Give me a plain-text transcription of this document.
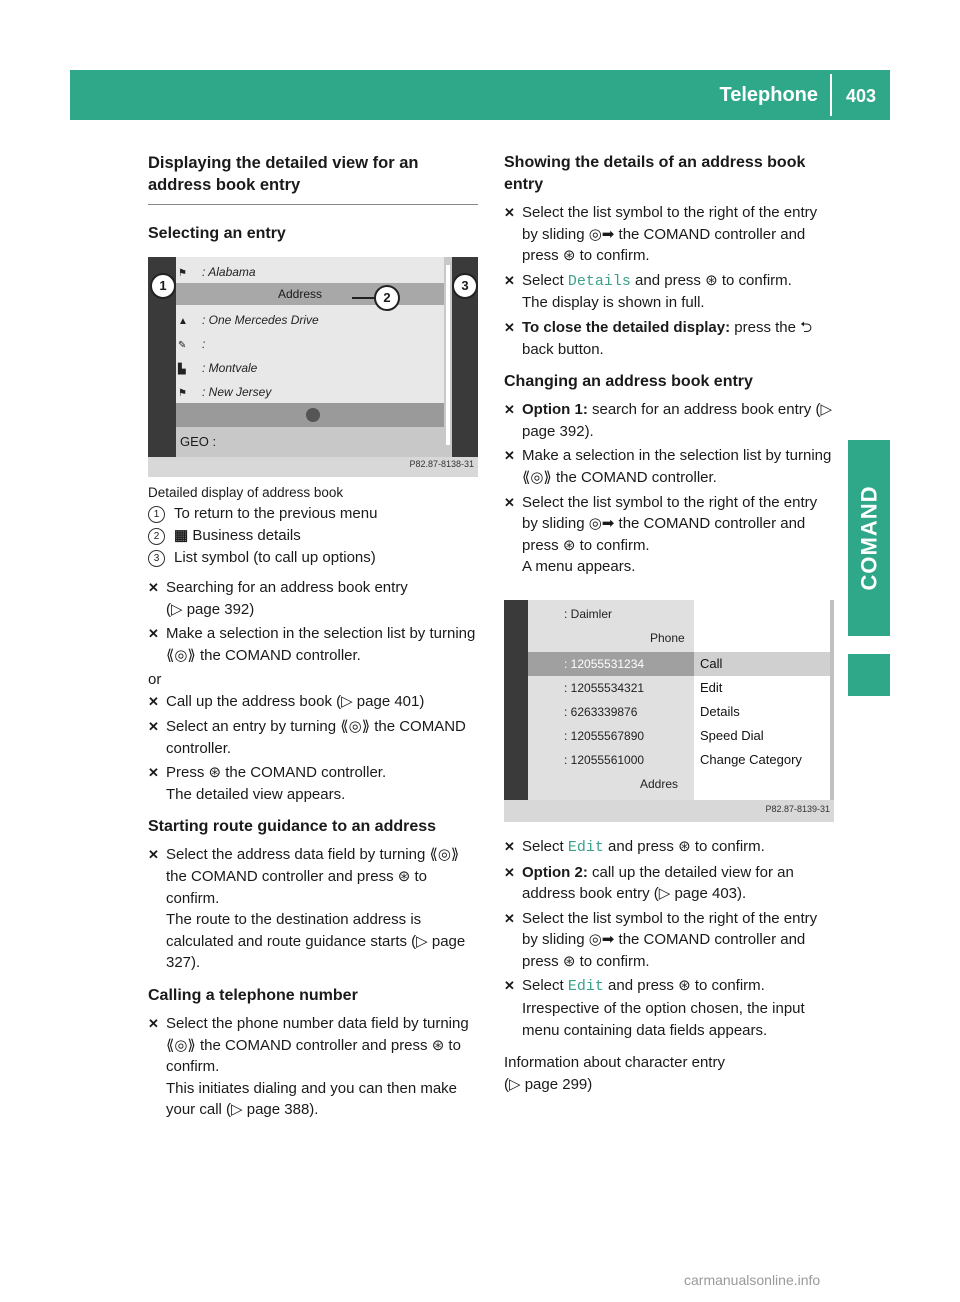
Telephone	403
COMAND
Displaying the detailed view for an address book entry
Selecting an entry
⚑ : Alabama
Address
▲ : One Mercedes Drive
✎ :
▙ : Montvale
⚑ : New Jersey
GEO :
P82.87-8138-31
1
2
3
Detailed display of address book
1 To return to the previous menu
2 ▦ Business details
3 List symbol (to call up options)
✕ Searching for an address book entry
(▷ page 392)
✕ Make a selection in the selection list by turning ⟪◎⟫ the COMAND controller.

or

✕ Call up the address book (▷ page 401)
✕ Select an entry by turning ⟪◎⟫ the COMAND controller.
✕ Press ⊛ the COMAND controller.
The detailed view appears.
Starting route guidance to an address
✕ Select the address data field by turning ⟪◎⟫ the COMAND controller and press ⊛ to confirm.
The route to the destination address is calculated and route guidance starts (▷ page 327).
Calling a telephone number
✕ Select the phone number data field by turning ⟪◎⟫ the COMAND controller and press ⊛ to confirm.
This initiates dialing and you can then make your call (▷ page 388).
Showing the details of an address book entry
✕ Select the list symbol to the right of the entry by sliding ◎➡ the COMAND controller and press ⊛ to confirm.
✕ Select Details and press ⊛ to confirm.
The display is shown in full.
✕ To close the detailed display: press the ⮌ back button.
Changing an address book entry
✕ Option 1: search for an address book entry (▷ page 392).
✕ Make a selection in the selection list by turning ⟪◎⟫ the COMAND controller.
✕ Select the list symbol to the right of the entry by sliding ◎➡ the COMAND controller and press ⊛ to confirm.
A menu appears.
: Daimler
Phone
: 12055531234
: 12055534321
: 6263339876
: 12055567890
: 12055561000
Addres
Call
Edit
Details
Speed Dial
Change Category
P82.87-8139-31
✕ Select Edit and press ⊛ to confirm.
✕ Option 2: call up the detailed view for an address book entry (▷ page 403).
✕ Select the list symbol to the right of the entry by sliding ◎➡ the COMAND controller and press ⊛ to confirm.
✕ Select Edit and press ⊛ to confirm.
Irrespective of the option chosen, the input menu containing data fields appears.

Information about character entry

(▷ page 299)

carmanualsonline.info
